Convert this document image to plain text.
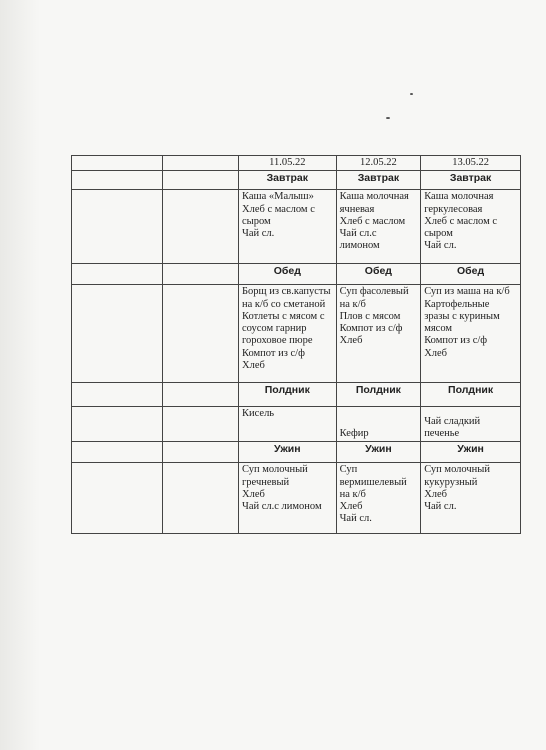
		11.05.22	12.05.22	13.05.22
		Завтрак	Завтрак	Завтрак
		Каша «Малыш»
Хлеб с маслом с сыром
Чай сл.	Каша молочная ячневая
Хлеб с маслом
Чай сл.с лимоном	Каша молочная геркулесовая
Хлеб с маслом с сыром
Чай сл.
		Обед	Обед	Обед
		Борщ из св.капусты на к/б со сметаной
Котлеты с мясом с соусом гарнир гороховое пюре
Компот из с/ф
Хлеб	Суп фасолевый на к/б
Плов с мясом
Компот из с/ф
Хлеб	Суп из маша на к/б
Картофельные зразы с куриным мясом
Компот из с/ф
Хлеб
		Полдник	Полдник	Полдник
		Кисель	Кефир	Чай сладкий
печенье
		Ужин	Ужин	Ужин
		Суп молочный гречневый
Хлеб
Чай сл.с лимоном	Суп вермишелевый на к/б
Хлеб
Чай сл.	Суп молочный кукурузный
Хлеб
Чай сл.
